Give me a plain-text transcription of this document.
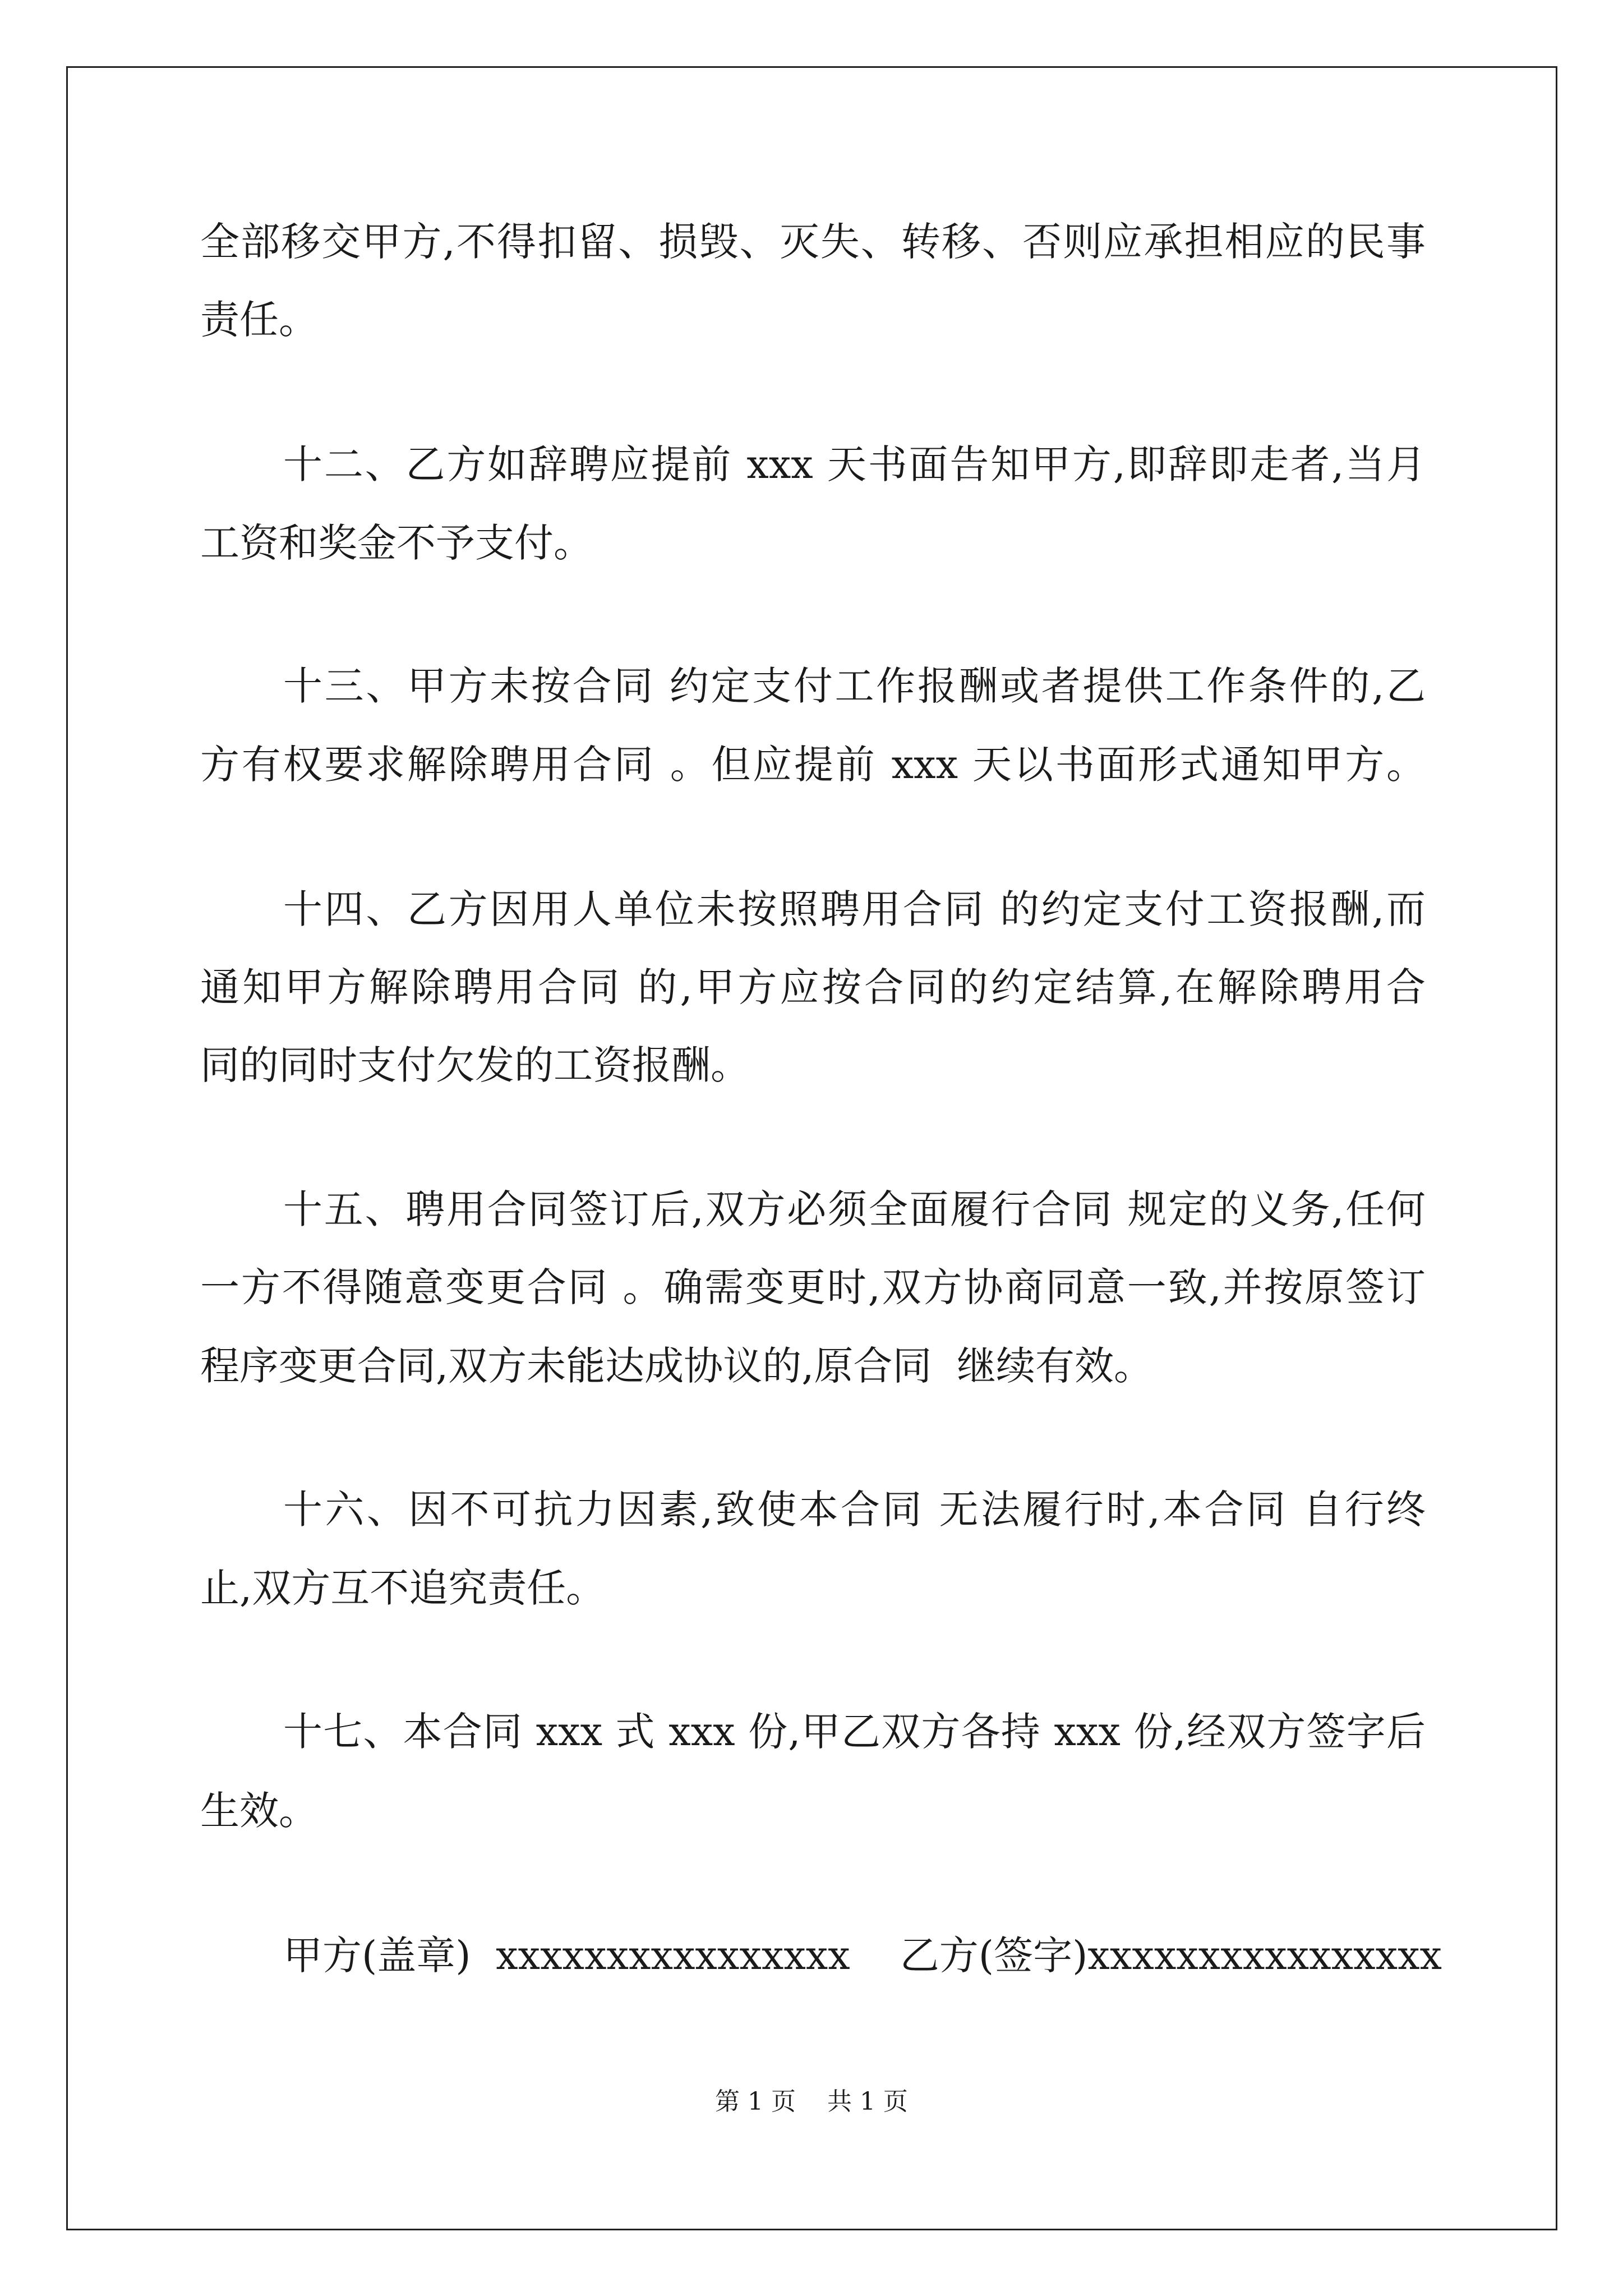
全部移交甲方,不得扣留、损毁、灭失、转移、否则应承担相应的民事
责任。
十二、乙方如辞聘应提前 xxx 天书面告知甲方,即辞即走者,当月
工资和奖金不予支付。
十三、甲方未按合同 约定支付工作报酬或者提供工作条件的,乙
方有权要求解除聘用合同 。但应提前 xxx 天以书面形式通知甲方。
十四、乙方因用人单位未按照聘用合同 的约定支付工资报酬,而
通知甲方解除聘用合同 的,甲方应按合同的约定结算,在解除聘用合
同的同时支付欠发的工资报酬。
十五、聘用合同签订后,双方必须全面履行合同 规定的义务,任何
一方不得随意变更合同 。确需变更时,双方协商同意一致,并按原签订
程序变更合同,双方未能达成协议的,原合同  继续有效。
十六、因不可抗力因素,致使本合同 无法履行时,本合同 自行终
止,双方互不追究责任。
十七、本合同 xxx 式 xxx 份,甲乙双方各持 xxx 份,经双方签字后
生效。
甲方(盖章)  xxxxxxxxxxxxxxxx    乙方(签字)xxxxxxxxxxxxxxxx
第 1 页    共 1 页
